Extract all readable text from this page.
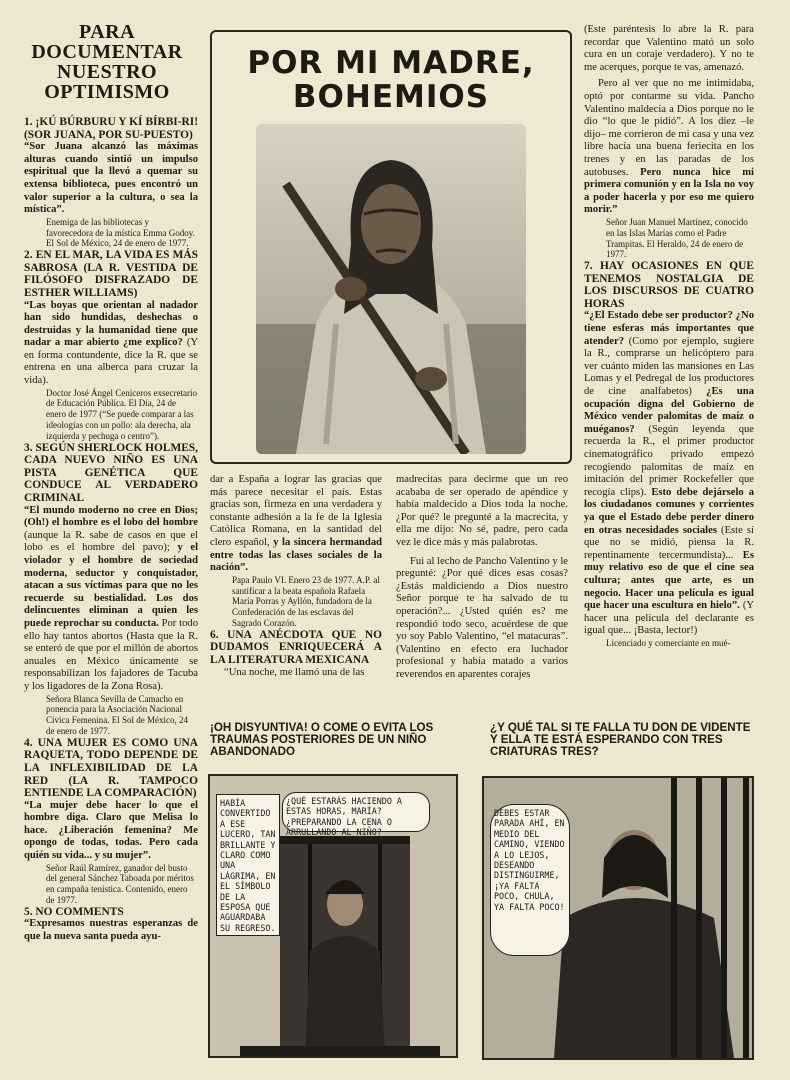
PARA DOCUMENTAR NUESTRO OPTIMISMO

1. ¡KÚ BÚRBURU Y KÍ BÍRBI-RI! (SOR JUANA, POR SU-PUESTO)

“Sor Juana alcanzó las máximas alturas cuando sintió un impulso espiritual que la llevó a quemar su extensa biblioteca, pues encontró un valor superior a la cultura, o sea la mística”.

Enemiga de las bibliotecas y favorecedora de la mística Emma Godoy. El Sol de México, 24 de enero de 1977.

2. EN EL MAR, LA VIDA ES MÁS SABROSA (LA R. VESTIDA DE FILÓSOFO DISFRAZADO DE ESTHER WILLIAMS)

“Las boyas que orientan al nadador han sido hundidas, deshechas o destruidas y la humanidad tiene que nadar a mar abierto ¿me explico? (Y en forma contundente, dice la R. que se entrena en una alberca para cruzar la vida).

Doctor José Ángel Ceniceros exsecretario de Educación Pública. El Día, 24 de enero de 1977 (“Se puede comparar a las ideologías con un pollo: ala derecha, ala izquierda y pechuga o centro”).

3. SEGÚN SHERLOCK HOLMES, CADA NUEVO NIÑO ES UNA PISTA GENÉTICA QUE CONDUCE AL VERDADERO CRIMINAL

“El mundo moderno no cree en Dios; (Oh!) el hombre es el lobo del hombre (aunque la R. sabe de casos en que el lobo es el hombre del pavo); y el violador y el hombre de sociedad moderna, seductor y conquistador, atacan a sus víctimas para que no les recuerde su bestialidad. Los dos delincuentes eliminan a quien les puede reprochar su conducta. Por todo ello hay tantos abortos (Hasta que la R. se enteró de que por el millón de abortos anuales en México únicamente se responsabilizan los fajadores de Tacuba y los ligadores de la Zona Rosa).

Señora Blanca Sevilla de Camacho en ponencia para la Asociación Nacional Cívica Femenina. El Sol de México, 24 de enero de 1977.

4. UNA MUJER ES COMO UNA RAQUETA, TODO DEPENDE DE LA INFLEXIBILIDAD DE LA RED (LA R. TAMPOCO ENTIENDE LA COMPARACIÓN)

“La mujer debe hacer lo que el hombre diga. Claro que Melisa lo hace. ¿Liberación femenina? Me opongo de todas, todas. Pero cada quién su vida... y su mujer”.

Señor Raúl Ramírez, ganador del busto del general Sánchez Taboada por méritos en campaña tenística. Contenido, enero de 1977.

5. NO COMMENTS

“Expresamos nuestras esperanzas de que la nueva santa pueda ayu-

POR MI MADRE,
BOHEMIOS

dar a España a lograr las gracias que más parece necesitar el país. Estas gracias son, firmeza en una verdadera y constante adhesión a la fe de la Iglesia Católica Romana, en la santidad del clero español, y la sincera hermandad entre todas las clases sociales de la nación”.

Papa Paulo VI. Enero 23 de 1977. A.P. al santificar a la beata española Rafaela María Porras y Ayllón, fundadora de la Confederación de las esclavas del Sagrado Corazón.

6. UNA ANÉCDOTA QUE NO DUDAMOS ENRIQUECERÁ A LA LITERATURA MEXICANA

“Una noche, me llamó una de las

madrecitas para decirme que un reo acababa de ser operado de apéndice y había maldecido a Dios toda la noche. ¿Por qué? le pregunté a la macrecita, y ella me dijo: No sé, padre, pero cada vez le dice más y más palabrotas.

Fui al lecho de Pancho Valentino y le pregunté: ¿Por qué dices esas cosas? ¿Estás maldiciendo a Dios nuestro Señor porque te ha salvado de tu operación?... ¿Usted quién es? me respondió todo seco, acuérdese de que yo soy Pablo Valentino, “el matacuras”. (Valentino en efecto era luchador profesional y había matado a varios reverendos en aparentes corajes

(Este paréntesis lo abre la R. para recordar que Valentino mató un solo cura en un coraje verdadero). Y no te me acerques, porque te vas, amenazó.

Pero al ver que no me intimidaba, optó por contarme su vida. Pancho Valentino maldecía a Dios porque no le dio “lo que le pidió”. A los diez –le dijo– me corrieron de mi casa y una vez libre hacía una buena feriecita en los trenes y en las paradas de los autobuses. Pero nunca hice mi primera comunión y en la Isla no voy a poder hacerla y por eso me quiero morir.”

Señor Juan Manuel Martínez, conocido en las Islas Marías como el Padre Trampitas. El Heraldo, 24 de enero de 1977.

7. HAY OCASIONES EN QUE TENEMOS NOSTALGIA DE LOS DISCURSOS DE CUATRO HORAS

“¿El Estado debe ser productor? ¿No tiene esferas más importantes que atender? (Como por ejemplo, sugiere la R., comprarse un helicóptero para ver cuánto miden las mansiones en Las Lomas y el Pedregal de los productores de cine analfabetos) ¿Es una ocupación digna del Gobierno de México vender palomitas de maíz o muéganos? (Según leyenda que recuerda la R., el primer productor cinematográfico privado empezó recogiendo palomitas de maíz en imitación del primer Rockefeller que recogía clips). Esto debe dejárselo a los ciudadanos comunes y corrientes ya que el Estado debe perder dinero en otras necesidades sociales (Este sí que no se midió, piensa la R. repentinamente tercermundista)... Es muy relativo eso de que el cine sea cultura; antes que arte, es un negocio. Hacer una película es igual que hacer una escultura en hielo”. (Y hacer una película del declarante es igual que... ¡Basta, lector!)

Licenciado y comerciante en mué-

¡OH DISYUNTIVA! O COME O EVITA LOS TRAUMAS POSTERIORES DE UN NIÑO ABANDONADO
¿Y QUÉ TAL SI TE FALLA TU DON DE VIDENTE Y ELLA TE ESTÁ ESPERANDO CON TRES CRIATURAS TRES?
HABÍA CONVERTIDO A ESE LUCERO, TAN BRILLANTE Y CLARO COMO UNA LÁGRIMA, EN EL SÍMBOLO DE LA ESPOSA QUE AGUARDABA SU REGRESO.
¿QUÉ ESTARÁS HACIENDO A ESTAS HORAS, MARÍA? ¿PREPARANDO LA CENA O ARRULLANDO AL NIÑO?
DEBES ESTAR PARADA AHÍ, EN MEDIO DEL CAMINO, VIENDO A LO LEJOS, DESEANDO DISTINGUIRME, ¡YA FALTA POCO, CHULA, YA FALTA POCO!
